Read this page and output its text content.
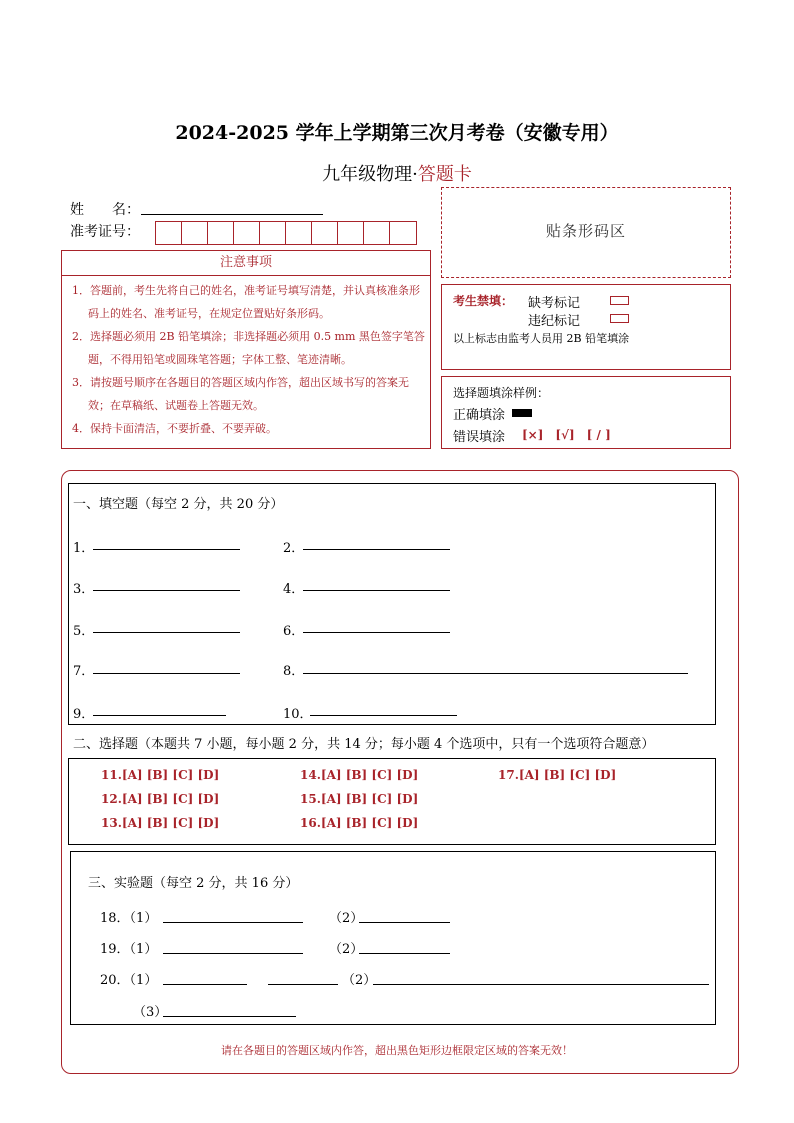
2024-2025 学年上学期第三次月考卷（安徽专用）
九年级物理·答题卡
姓　　名：
准考证号：	贴条形码区
注意事项
1．答题前，考生先将自己的姓名，准考证号填写清楚，并认真核准条形码上的姓名、准考证号，在规定位置贴好条形码。
2．选择题必须用 2B 铅笔填涂；非选择题必须用 0.5 mm 黑色签字笔答题，不得用铅笔或圆珠笔答题；字体工整、笔迹清晰。
3．请按题号顺序在各题目的答题区域内作答，超出区域书写的答案无效；在草稿纸、试题卷上答题无效。
4．保持卡面清洁，不要折叠、不要弄破。
考生禁填： 缺考标记
违纪标记
以上标志由监考人员用 2B 铅笔填涂
选择题填涂样例：
正确填涂
错误填涂 [×]　[√]　[ / ]
一、填空题（每空 2 分，共 20 分）
1．	2．
3．	4．
5．	6．
7．	8．
9．	10．
二、选择题（本题共 7 小题，每小题 2 分，共 14 分；每小题 4 个选项中，只有一个选项符合题意）
11.[A] [B] [C] [D]
12.[A] [B] [C] [D]
13.[A] [B] [C] [D]
14.[A] [B] [C] [D]
15.[A] [B] [C] [D]
16.[A] [B] [C] [D]
17.[A] [B] [C] [D]
三、实验题（每空 2 分，共 16 分）
18．（1）	（2）
19．（1）	（2）
20．（1）	（2）
（3）
请在各题目的答题区域内作答，超出黑色矩形边框限定区域的答案无效！
